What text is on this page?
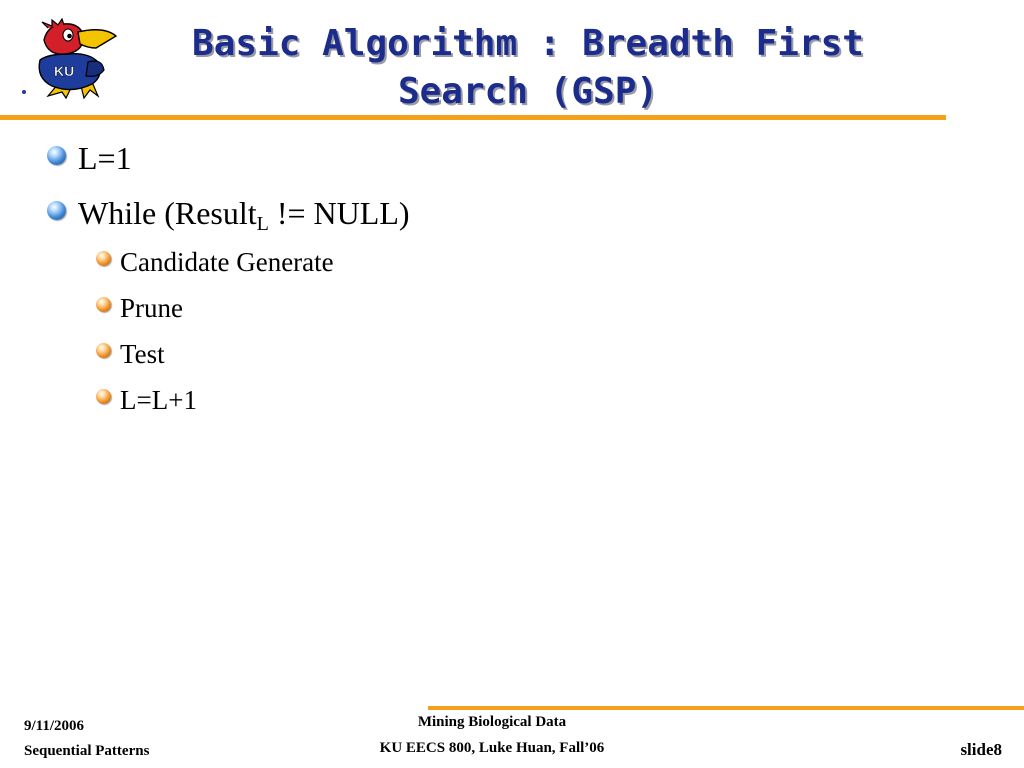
KU
Basic Algorithm : Breadth First
Search (GSP)
L=1
While (Result$_L$ != NULL)
Candidate Generate
Prune
Test
L=L+1

9/11/2006

Sequential Patterns

Mining Biological Data

KU EECS 800, Luke Huan, Fall’06	slide8
